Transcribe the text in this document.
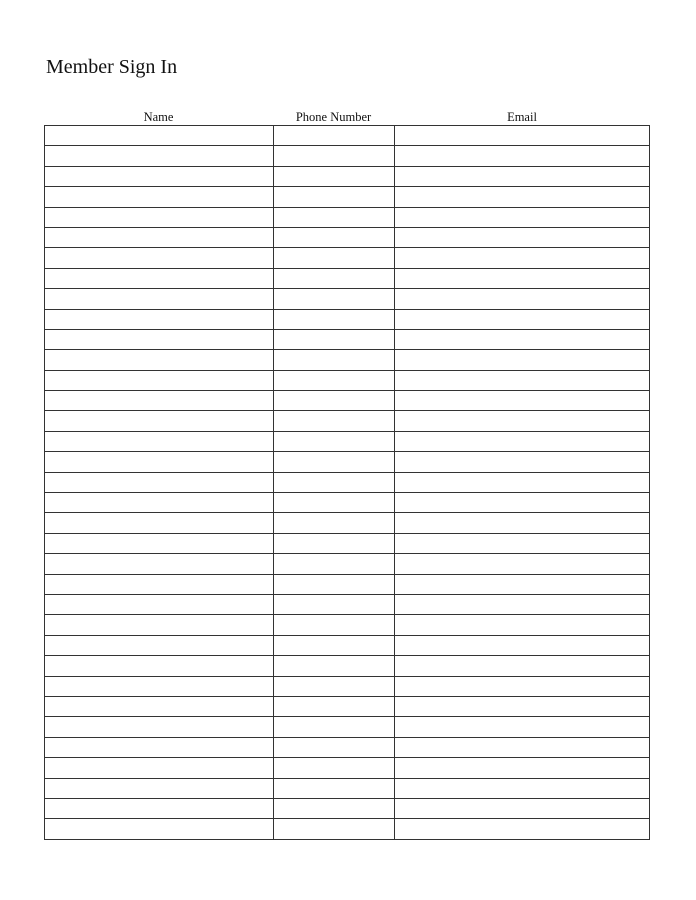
Member Sign In
Name	Phone Number	Email
